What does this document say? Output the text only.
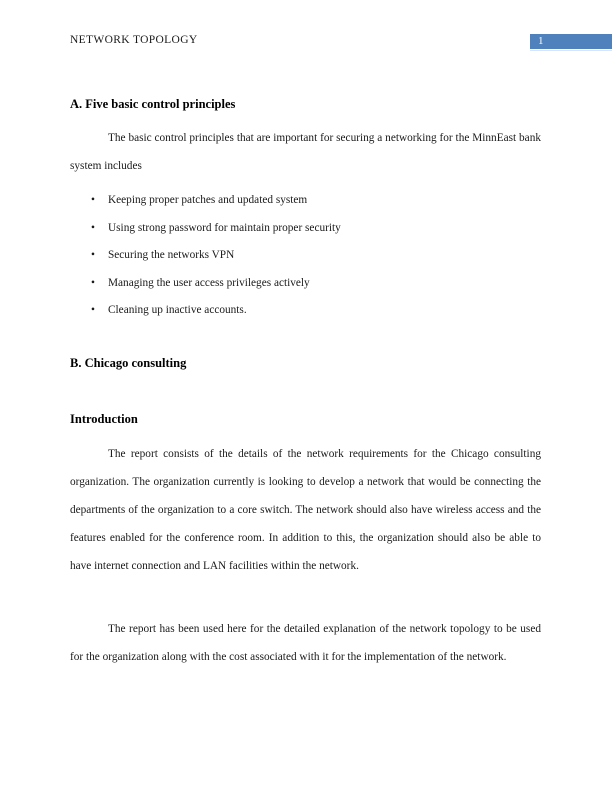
NETWORK TOPOLOGY	1
A. Five basic control principles

The basic control principles that are important for securing a networking for the MinnEast bank system includes

• Keeping proper patches and updated system
• Using strong password for maintain proper security
• Securing the networks VPN
• Managing the user access privileges actively
• Cleaning up inactive accounts.
B. Chicago consulting
Introduction

The report consists of the details of the network requirements for the Chicago consulting organization. The organization currently is looking to develop a network that would be connecting the departments of the organization to a core switch. The network should also have wireless access and the features enabled for the conference room. In addition to this, the organization should also be able to have internet connection and LAN facilities within the network.

The report has been used here for the detailed explanation of the network topology to be used for the organization along with the cost associated with it for the implementation of the network.
